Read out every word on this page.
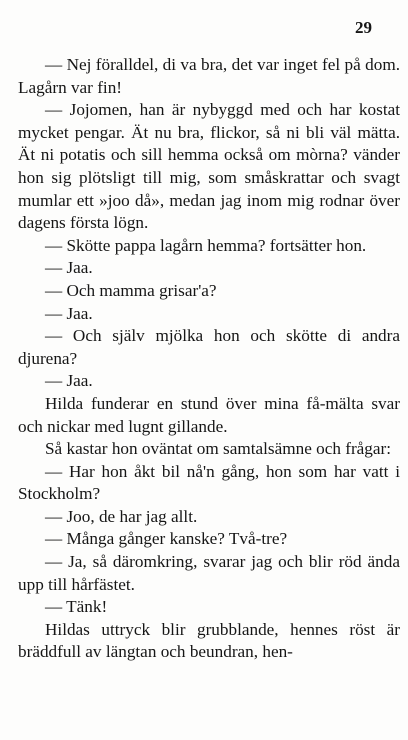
29

— Nej föralldel, di va bra, det var inget fel på dom. Lagårn var fin!

— Jojomen, han är nybyggd med och har kostat mycket pengar. Ät nu bra, flickor, så ni bli väl mätta. Ät ni potatis och sill hemma också om mòrna? vänder hon sig plötsligt till mig, som småskrattar och svagt mumlar ett »joo då», medan jag inom mig rodnar över dagens första lögn.

— Skötte pappa lagårn hemma? fortsätter hon.

— Jaa.

— Och mamma grisar'a?

— Jaa.

— Och själv mjölka hon och skötte di andra djurena?

— Jaa.

Hilda funderar en stund över mina få-mälta svar och nickar med lugnt gillande.

Så kastar hon oväntat om samtalsämne och frågar:

— Har hon åkt bil nå'n gång, hon som har vatt i Stockholm?

— Joo, de har jag allt.

— Många gånger kanske? Två-tre?

— Ja, så däromkring, svarar jag och blir röd ända upp till hårfästet.

— Tänk!

Hildas uttryck blir grubblande, hennes röst är bräddfull av längtan och beundran, hen-
